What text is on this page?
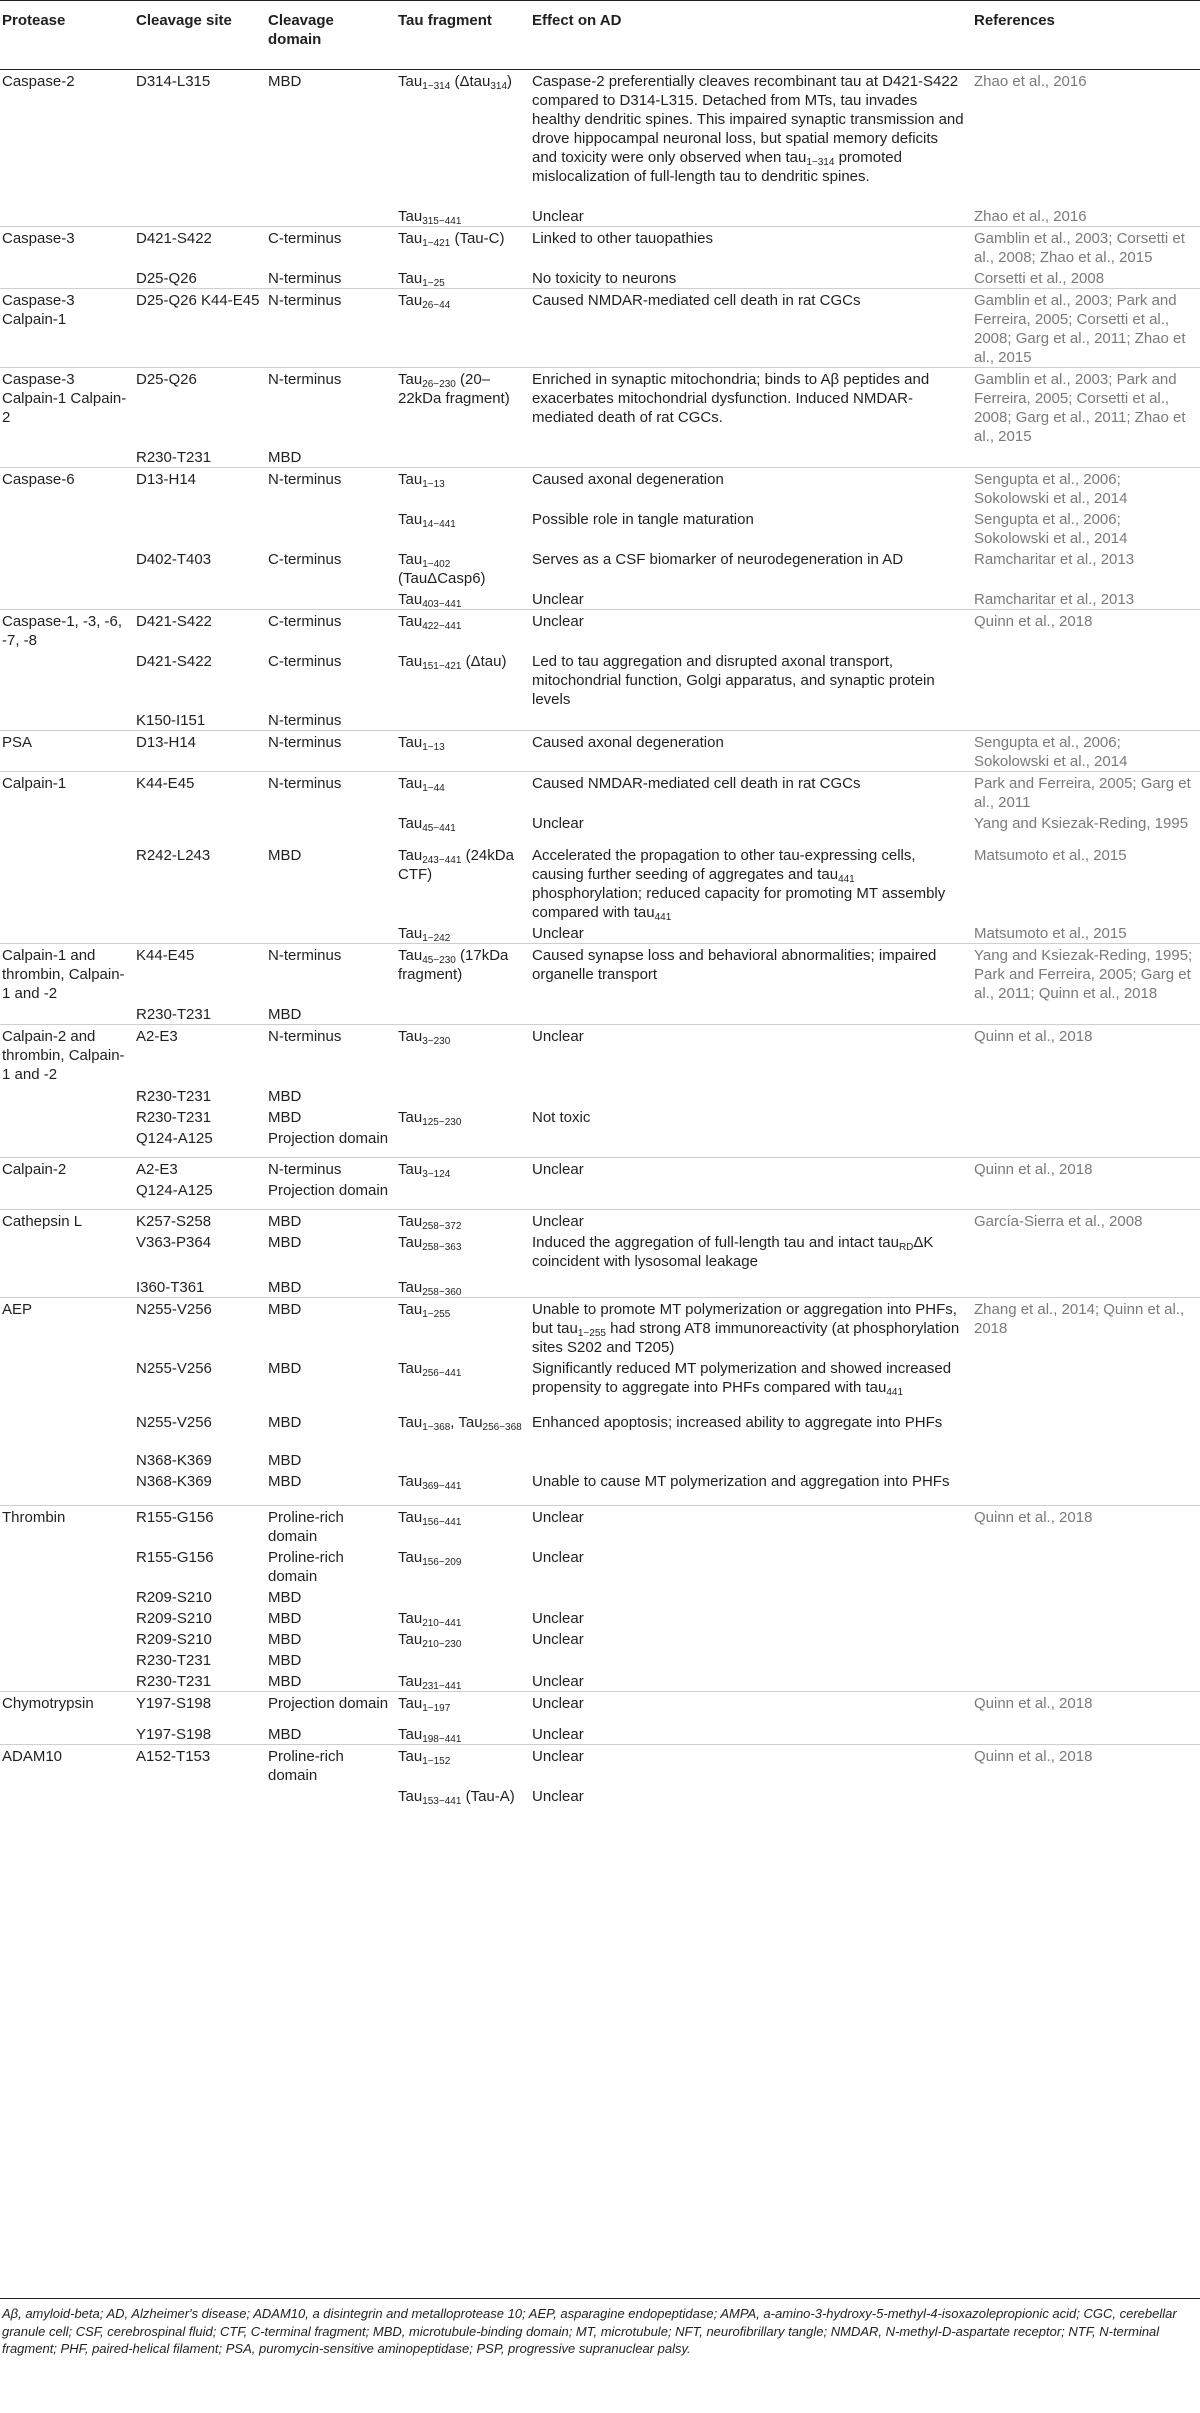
Protease	Cleavage site	Cleavage domain	Tau fragment	Effect on AD	References
Caspase-2	D314-L315	MBD	Tau$_{1-314}$ (Δtau$_{314}$)	Caspase-2 preferentially cleaves recombinant tau at D421-S422 compared to D314-L315. Detached from MTs, tau invades healthy dendritic spines. This impaired synaptic transmission and drove hippocampal neuronal loss, but spatial memory deficits and toxicity were only observed when tau$_{1-314}$ promoted mislocalization of full-length tau to dendritic spines.	Zhao et al., 2016
			Tau$_{315-441}$	Unclear	Zhao et al., 2016
Caspase-3	D421-S422	C-terminus	Tau$_{1-421}$ (Tau-C)	Linked to other tauopathies	Gamblin et al., 2003; Corsetti et al., 2008; Zhao et al., 2015
	D25-Q26	N-terminus	Tau$_{1-25}$	No toxicity to neurons	Corsetti et al., 2008
Caspase-3 Calpain-1	D25-Q26 K44-E45	N-terminus	Tau$_{26-44}$	Caused NMDAR-mediated cell death in rat CGCs	Gamblin et al., 2003; Park and Ferreira, 2005; Corsetti et al., 2008; Garg et al., 2011; Zhao et al., 2015
Caspase-3 Calpain-1 Calpain-2	D25-Q26	N-terminus	Tau$_{26-230}$ (20–22kDa fragment)	Enriched in synaptic mitochondria; binds to Aβ peptides and exacerbates mitochondrial dysfunction. Induced NMDAR-mediated death of rat CGCs.	Gamblin et al., 2003; Park and Ferreira, 2005; Corsetti et al., 2008; Garg et al., 2011; Zhao et al., 2015
	R230-T231	MBD			
Caspase-6	D13-H14	N-terminus	Tau$_{1-13}$	Caused axonal degeneration	Sengupta et al., 2006; Sokolowski et al., 2014
			Tau$_{14-441}$	Possible role in tangle maturation	Sengupta et al., 2006; Sokolowski et al., 2014
	D402-T403	C-terminus	Tau$_{1-402}$ (TauΔCasp6)	Serves as a CSF biomarker of neurodegeneration in AD	Ramcharitar et al., 2013
			Tau$_{403-441}$	Unclear	Ramcharitar et al., 2013
Caspase-1, -3, -6, -7, -8	D421-S422	C-terminus	Tau$_{422-441}$	Unclear	Quinn et al., 2018
	D421-S422	C-terminus	Tau$_{151-421}$ (Δtau)	Led to tau aggregation and disrupted axonal transport, mitochondrial function, Golgi apparatus, and synaptic protein levels	
	K150-I151	N-terminus			
PSA	D13-H14	N-terminus	Tau$_{1-13}$	Caused axonal degeneration	Sengupta et al., 2006; Sokolowski et al., 2014
Calpain-1	K44-E45	N-terminus	Tau$_{1-44}$	Caused NMDAR-mediated cell death in rat CGCs	Park and Ferreira, 2005; Garg et al., 2011
			Tau$_{45-441}$	Unclear	Yang and Ksiezak-Reding, 1995
	R242-L243	MBD	Tau$_{243-441}$ (24kDa CTF)	Accelerated the propagation to other tau-expressing cells, causing further seeding of aggregates and tau$_{441}$ phosphorylation; reduced capacity for promoting MT assembly compared with tau$_{441}$	Matsumoto et al., 2015
			Tau$_{1-242}$	Unclear	Matsumoto et al., 2015
Calpain-1 and thrombin, Calpain-1 and -2	K44-E45	N-terminus	Tau$_{45-230}$ (17kDa fragment)	Caused synapse loss and behavioral abnormalities; impaired organelle transport	Yang and Ksiezak-Reding, 1995; Park and Ferreira, 2005; Garg et al., 2011; Quinn et al., 2018
	R230-T231	MBD			
Calpain-2 and thrombin, Calpain-1 and -2	A2-E3	N-terminus	Tau$_{3-230}$	Unclear	Quinn et al., 2018
	R230-T231	MBD			
	R230-T231	MBD	Tau$_{125-230}$	Not toxic	
	Q124-A125	Projection domain			
Calpain-2	A2-E3	N-terminus	Tau$_{3-124}$	Unclear	Quinn et al., 2018
	Q124-A125	Projection domain			
Cathepsin L	K257-S258	MBD	Tau$_{258-372}$	Unclear	García-Sierra et al., 2008
	V363-P364	MBD	Tau$_{258-363}$	Induced the aggregation of full-length tau and intact tau$_{RD}$ΔK coincident with lysosomal leakage	
	I360-T361	MBD	Tau$_{258-360}$		
AEP	N255-V256	MBD	Tau$_{1-255}$	Unable to promote MT polymerization or aggregation into PHFs, but tau$_{1-255}$ had strong AT8 immunoreactivity (at phosphorylation sites S202 and T205)	Zhang et al., 2014; Quinn et al., 2018
	N255-V256	MBD	Tau$_{256-441}$	Significantly reduced MT polymerization and showed increased propensity to aggregate into PHFs compared with tau$_{441}$	
	N255-V256	MBD	Tau$_{1-368}$, Tau$_{256-368}$	Enhanced apoptosis; increased ability to aggregate into PHFs	
	N368-K369	MBD			
	N368-K369	MBD	Tau$_{369-441}$	Unable to cause MT polymerization and aggregation into PHFs	
Thrombin	R155-G156	Proline-rich domain	Tau$_{156-441}$	Unclear	Quinn et al., 2018
	R155-G156	Proline-rich domain	Tau$_{156-209}$	Unclear	
	R209-S210	MBD			
	R209-S210	MBD	Tau$_{210-441}$	Unclear	
	R209-S210	MBD	Tau$_{210-230}$	Unclear	
	R230-T231	MBD			
	R230-T231	MBD	Tau$_{231-441}$	Unclear	
Chymotrypsin	Y197-S198	Projection domain	Tau$_{1-197}$	Unclear	Quinn et al., 2018
	Y197-S198	MBD	Tau$_{198-441}$	Unclear	
ADAM10	A152-T153	Proline-rich domain	Tau$_{1-152}$	Unclear	Quinn et al., 2018
			Tau$_{153-441}$ (Tau-A)	Unclear	
Aβ, amyloid-beta; AD, Alzheimer's disease; ADAM10, a disintegrin and metalloprotease 10; AEP, asparagine endopeptidase; AMPA, a-amino-3-hydroxy-5-methyl-4-isoxazolepropionic acid; CGC, cerebellar granule cell; CSF, cerebrospinal fluid; CTF, C-terminal fragment; MBD, microtubule-binding domain; MT, microtubule; NFT, neurofibrillary tangle; NMDAR, N-methyl-D-aspartate receptor; NTF, N-terminal fragment; PHF, paired-helical filament; PSA, puromycin-sensitive aminopeptidase; PSP, progressive supranuclear palsy.
